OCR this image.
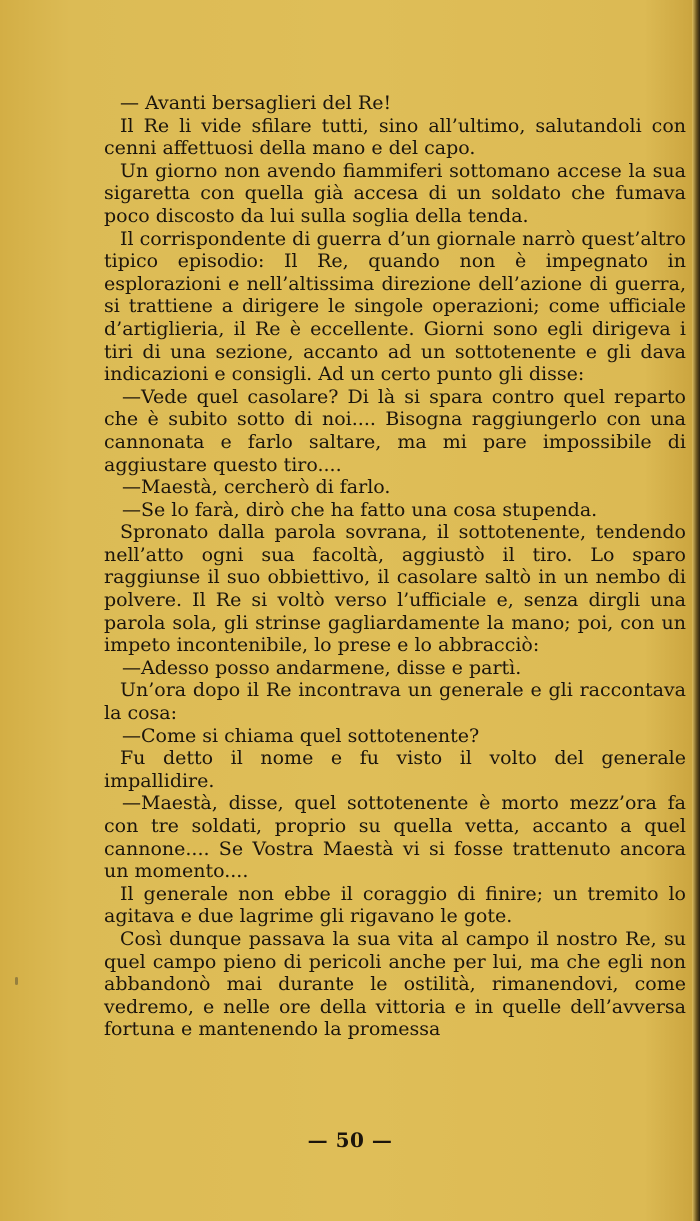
— Avanti bersaglieri del Re!

Il Re li vide sfilare tutti, sino all’ultimo, salutandoli con cenni affettuosi della mano e del capo.

Un giorno non avendo fiammiferi sottomano accese la sua sigaretta con quella già accesa di un soldato che fumava poco discosto da lui sulla soglia della tenda.

Il corrispondente di guerra d’un giornale narrò quest’altro tipico episodio: Il Re, quando non è impegnato in esplorazioni e nell’altissima direzione dell’azione di guerra, si trattiene a dirigere le singole operazioni; come ufficiale d’artiglieria, il Re è eccellente. Giorni sono egli dirigeva i tiri di una sezione, accanto ad un sottotenente e gli dava indicazioni e consigli. Ad un certo punto gli disse:

—Vede quel casolare? Di là si spara contro quel reparto che è subito sotto di noi.... Bisogna raggiungerlo con una cannonata e farlo saltare, ma mi pare impossibile di aggiustare questo tiro....

—Maestà, cercherò di farlo.

—Se lo farà, dirò che ha fatto una cosa stupenda.

Spronato dalla parola sovrana, il sottotenente, tendendo nell’atto ogni sua facoltà, aggiustò il tiro. Lo sparo raggiunse il suo obbiettivo, il casolare saltò in un nembo di polvere. Il Re si voltò verso l’ufficiale e, senza dirgli una parola sola, gli strinse gagliardamente la mano; poi, con un impeto incontenibile, lo prese e lo abbracciò:

—Adesso posso andarmene, disse e partì.

Un’ora dopo il Re incontrava un generale e gli raccontava la cosa:

—Come si chiama quel sottotenente?

Fu detto il nome e fu visto il volto del generale impallidire.

—Maestà, disse, quel sottotenente è morto mezz’ora fa con tre soldati, proprio su quella vetta, accanto a quel cannone.... Se Vostra Maestà vi si fosse trattenuto ancora un momento....

Il generale non ebbe il coraggio di finire; un tremito lo agitava e due lagrime gli rigavano le gote.

Così dunque passava la sua vita al campo il nostro Re, su quel campo pieno di pericoli anche per lui, ma che egli non abbandonò mai durante le ostilità, rimanendovi, come vedremo, e nelle ore della vittoria e in quelle dell’avversa fortuna e mantenendo la promessa

— 50 —
